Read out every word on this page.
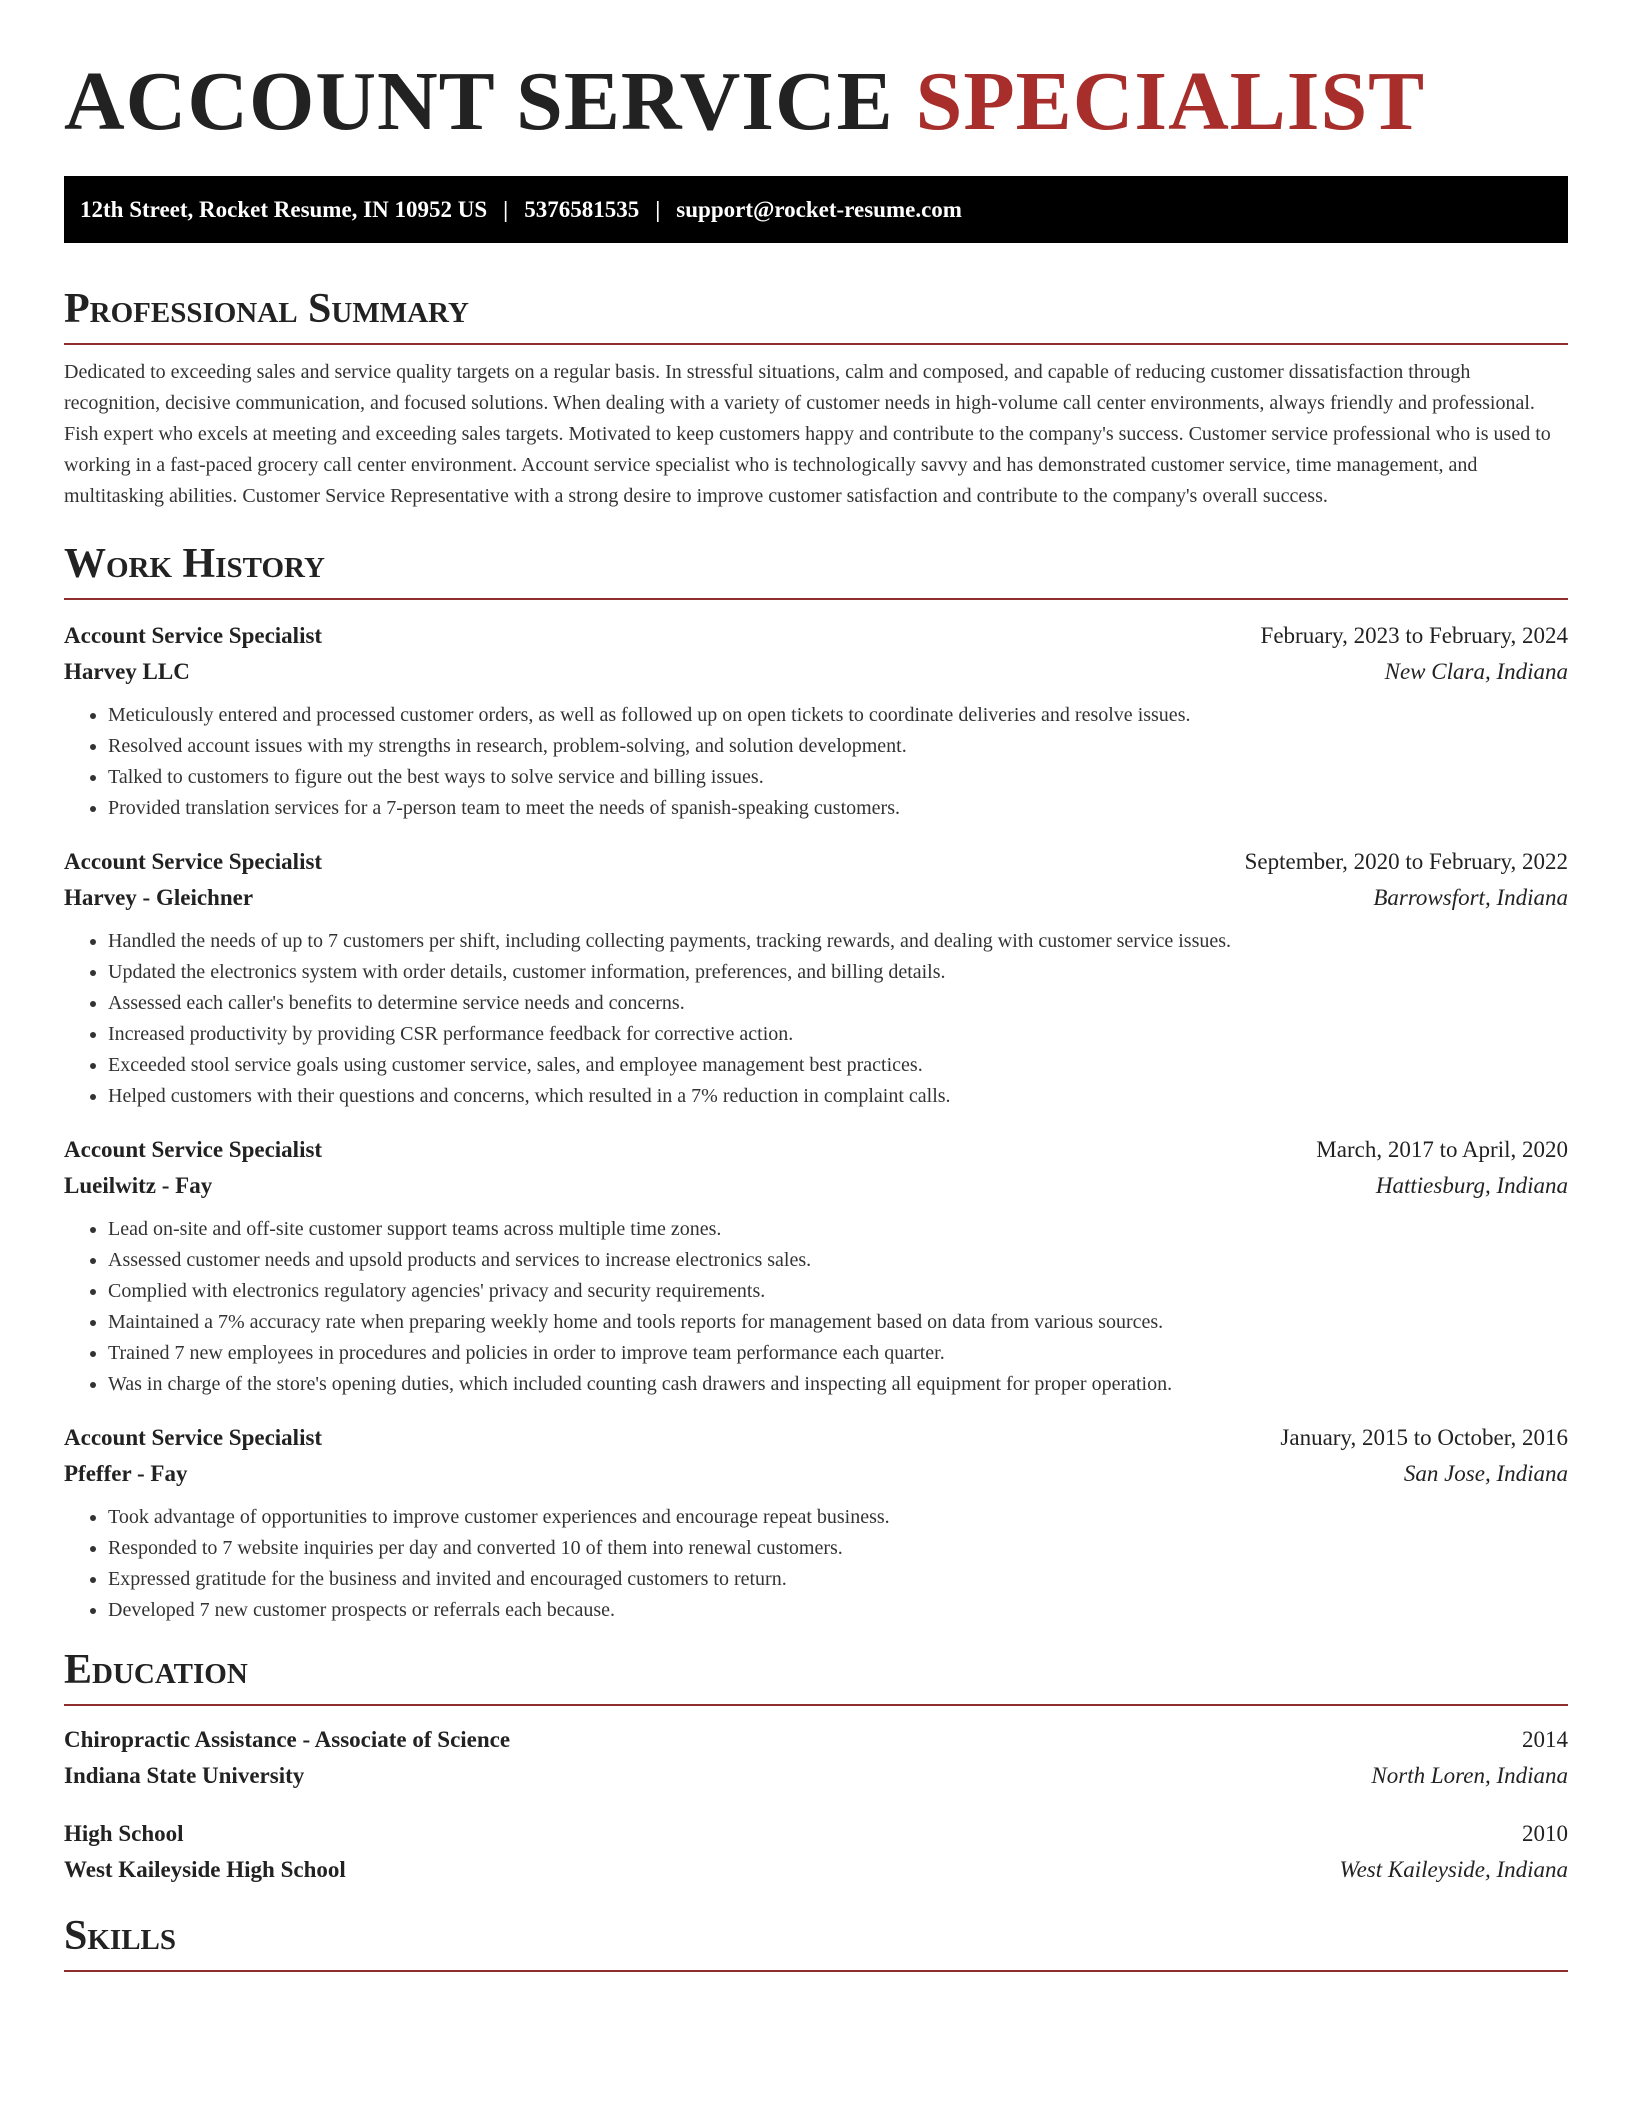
ACCOUNT SERVICE SPECIALIST
12th Street, Rocket Resume, IN 10952 US | 5376581535 | support@rocket-resume.com
Professional Summary

Dedicated to exceeding sales and service quality targets on a regular basis. In stressful situations, calm and composed, and capable of reducing customer dissatisfaction through recognition, decisive communication, and focused solutions. When dealing with a variety of customer needs in high-volume call center environments, always friendly and professional. Fish expert who excels at meeting and exceeding sales targets. Motivated to keep customers happy and contribute to the company's success. Customer service professional who is used to working in a fast-paced grocery call center environment. Account service specialist who is technologically savvy and has demonstrated customer service, time management, and multitasking abilities. Customer Service Representative with a strong desire to improve customer satisfaction and contribute to the company's overall success.

Work History
Account Service Specialist	February, 2023 to February, 2024
Harvey LLC	New Clara, Indiana
• Meticulously entered and processed customer orders, as well as followed up on open tickets to coordinate deliveries and resolve issues.
• Resolved account issues with my strengths in research, problem-solving, and solution development.
• Talked to customers to figure out the best ways to solve service and billing issues.
• Provided translation services for a 7-person team to meet the needs of spanish-speaking customers.
Account Service Specialist	September, 2020 to February, 2022
Harvey - Gleichner	Barrowsfort, Indiana
• Handled the needs of up to 7 customers per shift, including collecting payments, tracking rewards, and dealing with customer service issues.
• Updated the electronics system with order details, customer information, preferences, and billing details.
• Assessed each caller's benefits to determine service needs and concerns.
• Increased productivity by providing CSR performance feedback for corrective action.
• Exceeded stool service goals using customer service, sales, and employee management best practices.
• Helped customers with their questions and concerns, which resulted in a 7% reduction in complaint calls.
Account Service Specialist	March, 2017 to April, 2020
Lueilwitz - Fay	Hattiesburg, Indiana
• Lead on-site and off-site customer support teams across multiple time zones.
• Assessed customer needs and upsold products and services to increase electronics sales.
• Complied with electronics regulatory agencies' privacy and security requirements.
• Maintained a 7% accuracy rate when preparing weekly home and tools reports for management based on data from various sources.
• Trained 7 new employees in procedures and policies in order to improve team performance each quarter.
• Was in charge of the store's opening duties, which included counting cash drawers and inspecting all equipment for proper operation.
Account Service Specialist	January, 2015 to October, 2016
Pfeffer - Fay	San Jose, Indiana
• Took advantage of opportunities to improve customer experiences and encourage repeat business.
• Responded to 7 website inquiries per day and converted 10 of them into renewal customers.
• Expressed gratitude for the business and invited and encouraged customers to return.
• Developed 7 new customer prospects or referrals each because.
Education
Chiropractic Assistance - Associate of Science	2014
Indiana State University	North Loren, Indiana
High School	2010
West Kaileyside High School	West Kaileyside, Indiana
Skills
